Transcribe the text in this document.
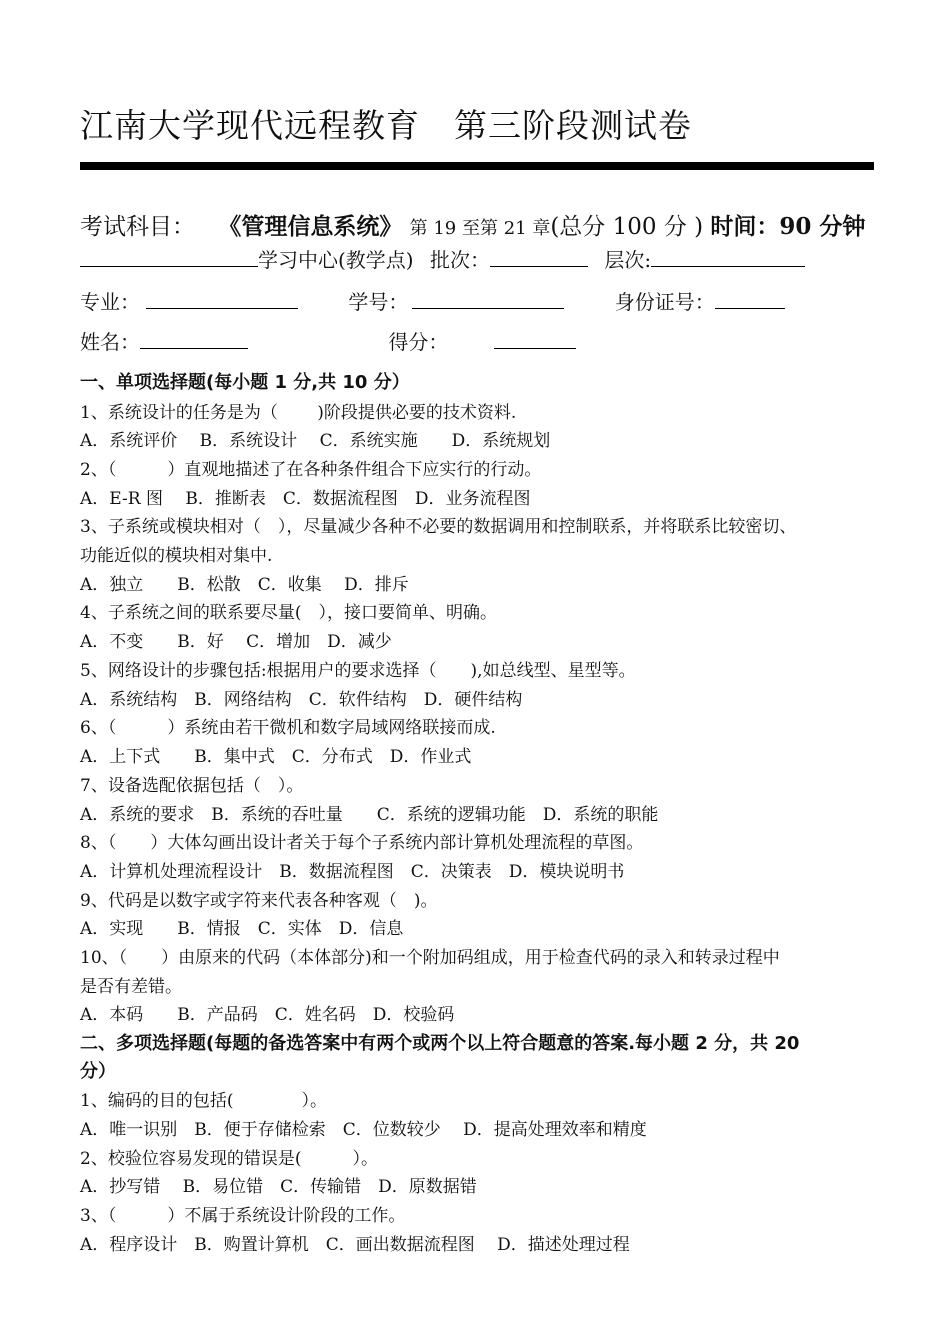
江南大学现代远程教育　第三阶段测试卷
考试科目： 《管理信息系统》 第 19 至第 21 章(总分 100 分 ) 时间：90 分钟
学习中心(教学点) 批次：	层次:
专业：	学号：	身份证号：
姓名：	得分：
一、单项选择题(每小题 1 分,共 10 分）
1、系统设计的任务是为（　　 )阶段提供必要的技术资料.
A．系统评价　 B．系统设计　 C．系统实施　　D．系统规划
2、（　　　）直观地描述了在各种条件组合下应实行的行动。
A．E-R 图　 B．推断表　C．数据流程图　D．业务流程图
3、子系统或模块相对（　），尽量减少各种不必要的数据调用和控制联系，并将联系比较密切、
功能近似的模块相对集中.
A．独立　　B．松散　C．收集　 D．排斥
4、子系统之间的联系要尽量(　），接口要简单、明确。
A．不变　　B．好　 C．增加　D．减少
5、网络设计的步骤包括:根据用户的要求选择（　　),如总线型、星型等。
A．系统结构　B．网络结构　C．软件结构　D．硬件结构
6、（　　　）系统由若干微机和数字局域网络联接而成.
A．上下式　　B．集中式　C．分布式　D．作业式
7、设备选配依据包括（　）。
A．系统的要求　B．系统的吞吐量　　C．系统的逻辑功能　D．系统的职能
8、（　　）大体勾画出设计者关于每个子系统内部计算机处理流程的草图。
A．计算机处理流程设计　B．数据流程图　C．决策表　D．模块说明书
9、代码是以数字或字符来代表各种客观（　)。
A．实现　　B．情报　C．实体　D．信息
10、（　　）由原来的代码（本体部分)和一个附加码组成，用于检查代码的录入和转录过程中
是否有差错。
A．本码　　B．产品码　C．姓名码　D．校验码
二、多项选择题(每题的备选答案中有两个或两个以上符合题意的答案.每小题 2 分，共 20
分）
1、编码的目的包括(　　　　）。
A．唯一识别　B．便于存储检索　C．位数较少　 D．提高处理效率和精度
2、校验位容易发现的错误是(　　　）。
A．抄写错　 B．易位错　C．传输错　D．原数据错
3、（　　　）不属于系统设计阶段的工作。
A．程序设计　B．购置计算机　C．画出数据流程图　 D．描述处理过程
